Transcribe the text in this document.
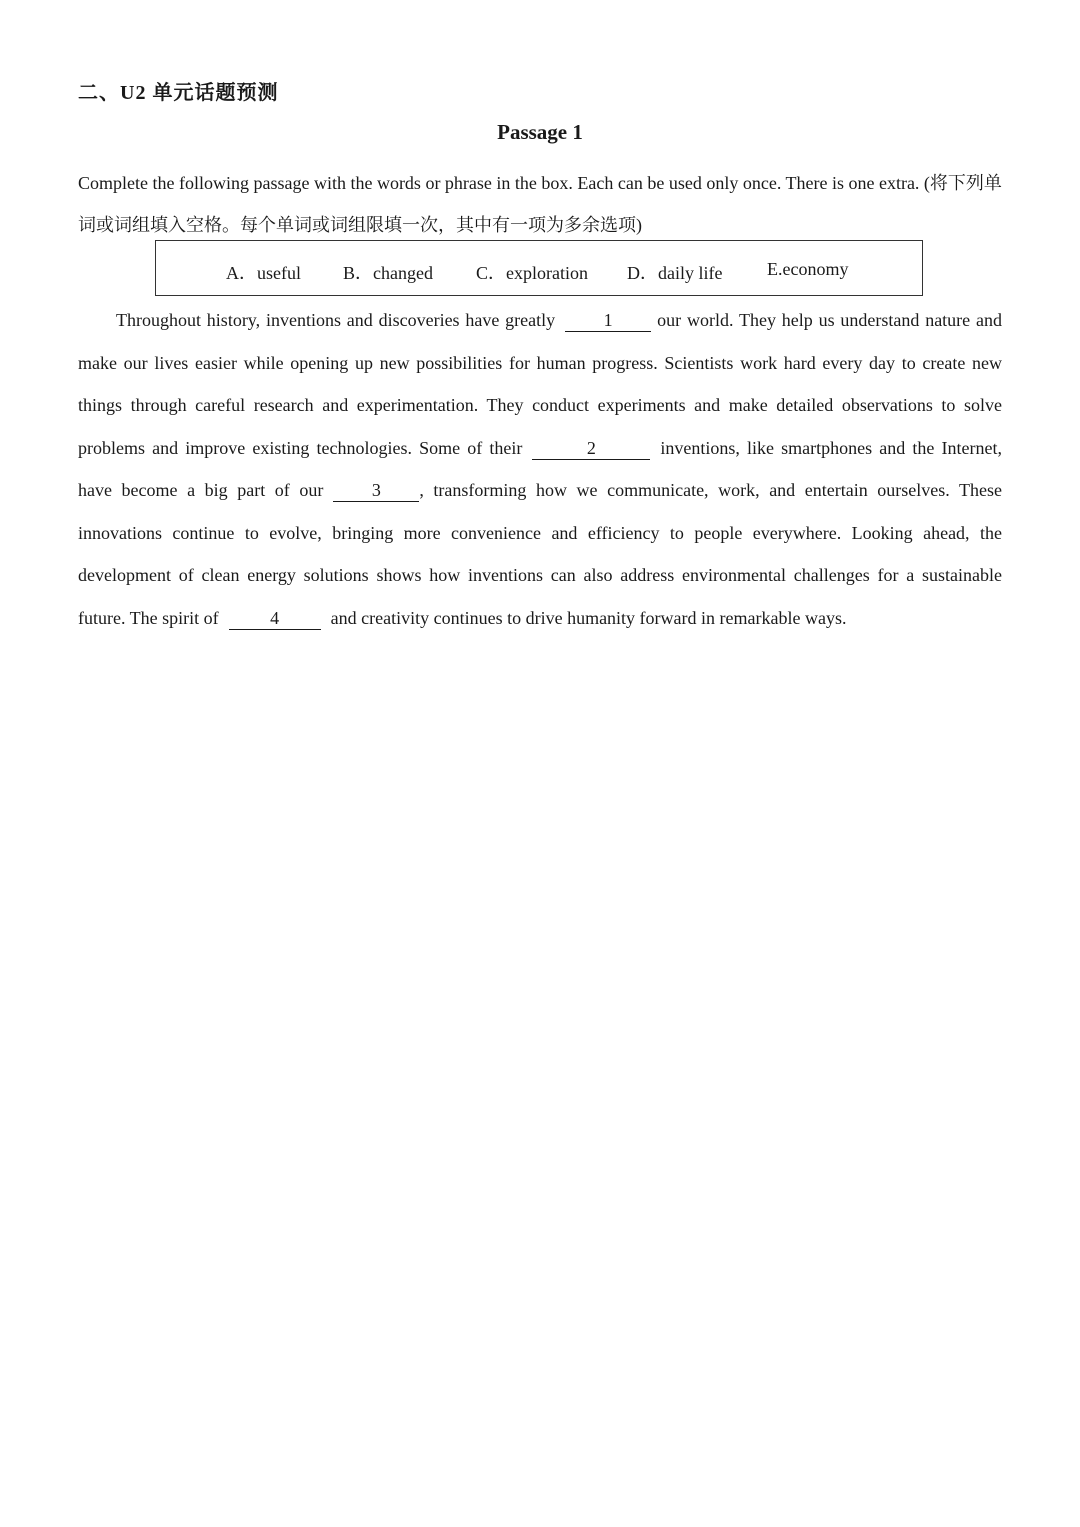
二、U2 单元话题预测
Passage 1

Complete the following passage with the words or phrase in the box. Each can be used only once. There is one extra. (将下列单词或词组填入空格。每个单词或词组限填一次，其中有一项为多余选项)

A．useful B．changed C．exploration D．daily life E.economy

Throughout history, inventions and discoveries have greatly	1 our world. They help us understand nature and make our lives easier while opening up new possibilities for human progress. Scientists work hard every day to create new things through careful research and experimentation. They conduct experiments and make detailed observations to solve problems and improve existing technologies. Some of their	2	inventions, like smartphones and the Internet, have become a big part of our	3 , transforming how we communicate, work, and entertain ourselves. These innovations continue to evolve, bringing more convenience and efficiency to people everywhere. Looking ahead, the development of clean energy solutions shows how inventions can also address environmental challenges for a sustainable future. The spirit of	4	and creativity continues to drive humanity forward in remarkable ways.
